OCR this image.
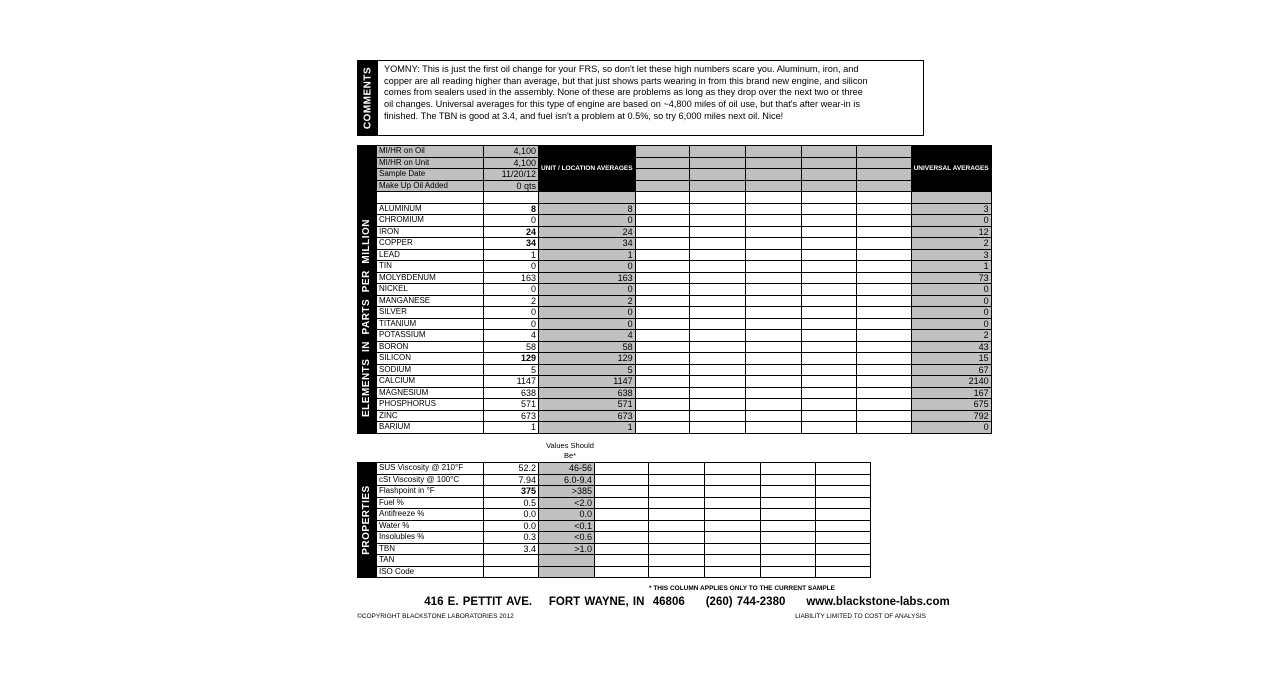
COMMENTS YOMNY: This is just the first oil change for your FRS, so don't let these high numbers scare you. Aluminum, iron, and copper are all reading higher than average, but that just shows parts wearing in from this brand new engine, and silicon comes from sealers used in the assembly. None of these are problems as long as they drop over the next two or three oil changes. Universal averages for this type of engine are based on ~4,800 miles of oil use, but that's after wear-in is finished. The TBN is good at 3.4, and fuel isn't a problem at 0.5%, so try 6,000 miles next oil. Nice!
	MI/HR on Oil	4,100	UNIT / LOCATION AVERAGES						UNIVERSAL AVERAGES
	MI/HR on Unit	4,100							
	Sample Date	11/20/12							
	Make Up Oil Added	0 qts							

ELEMENTS  IN  PARTS  PER  MILLION	ALUMINUM	8	8						3
	CHROMIUM	0	0						0
	IRON	24	24						12
	COPPER	34	34						2
	LEAD	1	1						3
	TIN	0	0						1
	MOLYBDENUM	163	163						73
	NICKEL	0	0						0
	MANGANESE	2	2						0
	SILVER	0	0						0
	TITANIUM	0	0						0
	POTASSIUM	4	4						2
	BORON	58	58						43
	SILICON	129	129						15
	SODIUM	5	5						67
	CALCIUM	1147	1147						2140
	MAGNESIUM	638	638						167
	PHOSPHORUS	571	571						675
	ZINC	673	673						792
	BARIUM	1	1						0
Values Should Be*
PROPERTIES	SUS Viscosity @ 210°F	52.2	46-56					
	cSt Viscosity @ 100°C	7.94	6.0-9.4					
	Flashpoint in °F	375	>385					
	Fuel %	0.5	<2.0					
	Antifreeze %	0.0	0.0					
	Water %	0.0	<0.1					
	Insolubles %	0.3	<0.6					
	TBN	3.4	>1.0					
	TAN							
	ISO Code							
* THIS COLUMN APPLIES ONLY TO THE CURRENT SAMPLE
416 E. PETTIT AVE.    FORT WAYNE, IN  46806     (260) 744-2380     www.blackstone-labs.com
©COPYRIGHT BLACKSTONE LABORATORIES 2012	LIABILITY LIMITED TO COST OF ANALYSIS
